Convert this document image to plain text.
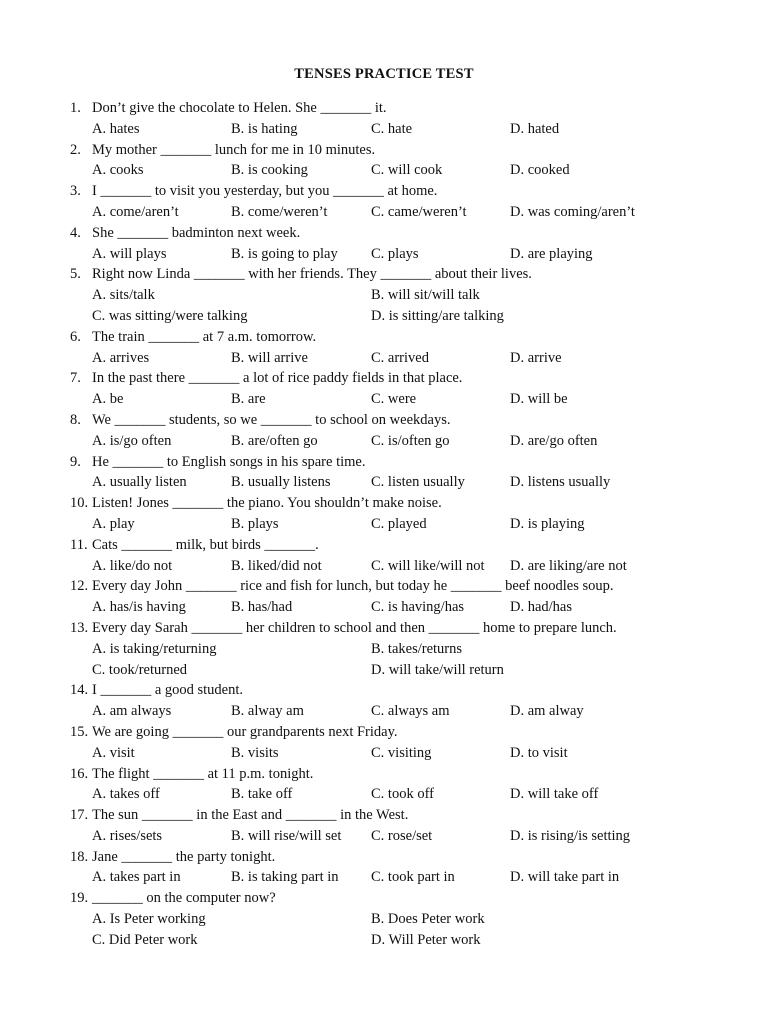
TENSES PRACTICE TEST
1. Don’t give the chocolate to Helen. She _______ it.
A. hates	B. is hating	C. hate	D. hated
2. My mother _______ lunch for me in 10 minutes.
A. cooks	B. is cooking	C. will cook	D. cooked
3. I _______ to visit you yesterday, but you _______ at home.
A. come/aren’t	B. come/weren’t	C. came/weren’t	D. was coming/aren’t
4. She _______ badminton next week.
A. will plays	B. is going to play C. plays	D. are playing
5. Right now Linda _______ with her friends. They _______ about their lives.
A. sits/talk	B. will sit/will talk
C. was sitting/were talking	D. is sitting/are talking
6. The train _______ at 7 a.m. tomorrow.
A. arrives	B. will arrive	C. arrived	D. arrive
7. In the past there _______ a lot of rice paddy fields in that place.
A. be	B. are	C. were	D. will be
8. We _______ students, so we _______ to school on weekdays.
A. is/go often	B. are/often go	C. is/often go	D. are/go often
9. He _______ to English songs in his spare time.
A. usually listen	B. usually listens	C. listen usually	D. listens usually
10. Listen! Jones _______ the piano. You shouldn’t make noise.
A. play	B. plays	C. played	D. is playing
11. Cats _______ milk, but birds _______.
A. like/do not	B. liked/did not	C. will like/will not D. are liking/are not
12. Every day John _______ rice and fish for lunch, but today he _______ beef noodles soup.
A. has/is having	B. has/had	C. is having/has	D. had/has
13. Every day Sarah _______ her children to school and then _______ home to prepare lunch.
A. is taking/returning	B. takes/returns
C. took/returned	D. will take/will return
14. I _______ a good student.
A. am always	B. alway am	C. always am	D. am alway
15. We are going _______ our grandparents next Friday.
A. visit	B. visits	C. visiting	D. to visit
16. The flight _______ at 11 p.m. tonight.
A. takes off	B. take off	C. took off	D. will take off
17. The sun _______ in the East and _______ in the West.
A. rises/sets	B. will rise/will set C. rose/set	D. is rising/is setting
18. Jane _______ the party tonight.
A. takes part in	B. is taking part in C. took part in	D. will take part in
19. _______ on the computer now?
A. Is Peter working	B. Does Peter work
C. Did Peter work	D. Will Peter work
